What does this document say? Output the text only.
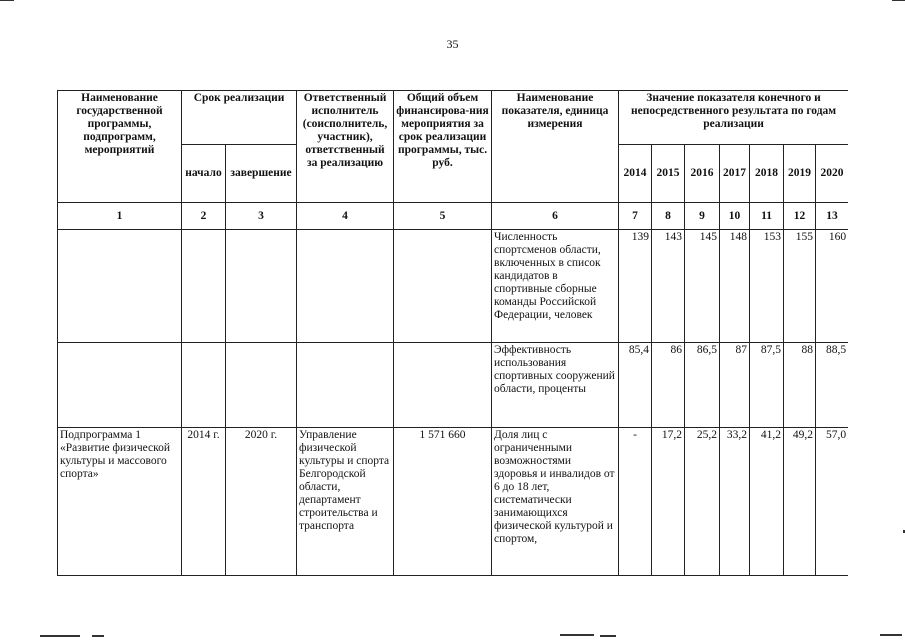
35
Наименование государственной программы, подпрограмм, мероприятий	Срок реализации		Ответственный исполнитель (соисполнитель, участник), ответственный за реализацию	Общий объем финансирова-ния мероприятия за срок реализации программы, тыс. руб.	Наименование показателя, единица измерения	Значение показателя конечного и непосредственного результата по годам реализации						
	начало	завершение				2014	2015	2016	2017	2018	2019	2020
1	2	3	4	5	6	7	8	9	10	11	12	13
					Численность спортсменов области, включенных в список кандидатов в спортивные сборные команды Российской Федерации, человек	139	143	145	148	153	155	160
					Эффективность использования спортивных сооружений области, проценты	85,4	86	86,5	87	87,5	88	88,5
Подпрограмма 1 «Развитие физической культуры и массового спорта»	2014 г.	2020 г.	Управление физической культуры и спорта Белгородской области, департамент строительства и транспорта	1 571 660	Доля лиц с ограниченными возможностями здоровья и инвалидов от 6 до 18 лет, систематически занимающихся физической культурой и спортом,	-	17,2	25,2	33,2	41,2	49,2	57,0
